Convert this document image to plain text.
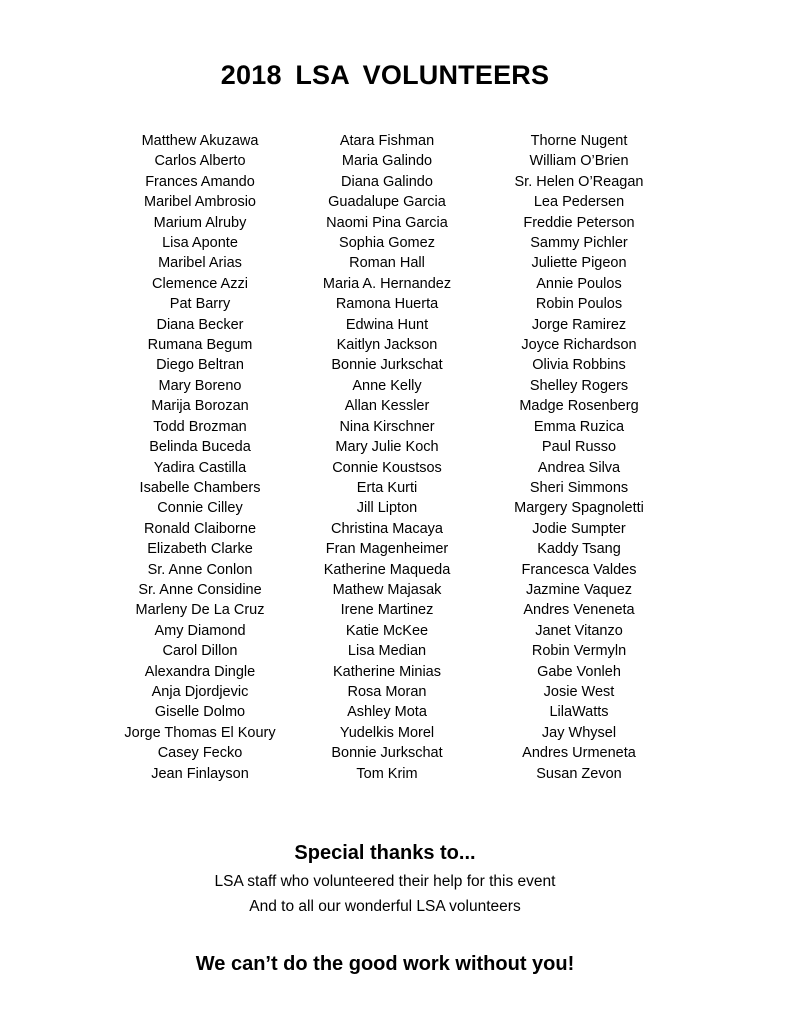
2018 LSA VOLUNTEERS
Matthew Akuzawa
Carlos Alberto
Frances Amando
Maribel Ambrosio
Marium Alruby
Lisa Aponte
Maribel Arias
Clemence Azzi
Pat Barry
Diana Becker
Rumana Begum
Diego Beltran
Mary Boreno
Marija Borozan
Todd Brozman
Belinda Buceda
Yadira Castilla
Isabelle Chambers
Connie Cilley
Ronald Claiborne
Elizabeth Clarke
Sr. Anne Conlon
Sr. Anne Considine
Marleny De La Cruz
Amy Diamond
Carol Dillon
Alexandra Dingle
Anja Djordjevic
Giselle Dolmo
Jorge Thomas El Koury
Casey Fecko
Jean Finlayson
Atara Fishman
Maria Galindo
Diana Galindo
Guadalupe Garcia
Naomi Pina Garcia
Sophia Gomez
Roman Hall
Maria A. Hernandez
Ramona Huerta
Edwina Hunt
Kaitlyn Jackson
Bonnie Jurkschat
Anne Kelly
Allan Kessler
Nina Kirschner
Mary Julie Koch
Connie Koustsos
Erta Kurti
Jill Lipton
Christina Macaya
Fran Magenheimer
Katherine Maqueda
Mathew Majasak
Irene Martinez
Katie McKee
Lisa Median
Katherine Minias
Rosa Moran
Ashley Mota
Yudelkis Morel
Bonnie Jurkschat
Tom Krim
Thorne Nugent
William O’Brien
Sr. Helen O’Reagan
Lea Pedersen
Freddie Peterson
Sammy Pichler
Juliette Pigeon
Annie Poulos
Robin Poulos
Jorge Ramirez
Joyce Richardson
Olivia Robbins
Shelley Rogers
Madge Rosenberg
Emma Ruzica
Paul Russo
Andrea Silva
Sheri Simmons
Margery Spagnoletti
Jodie Sumpter
Kaddy Tsang
Francesca Valdes
Jazmine Vaquez
Andres Veneneta
Janet Vitanzo
Robin Vermyln
Gabe Vonleh
Josie West
LilaWatts
Jay Whysel
Andres Urmeneta
Susan Zevon
Special thanks to...
LSA staff who volunteered their help for this event
And to all our wonderful LSA volunteers
We can’t do the good work without you!
